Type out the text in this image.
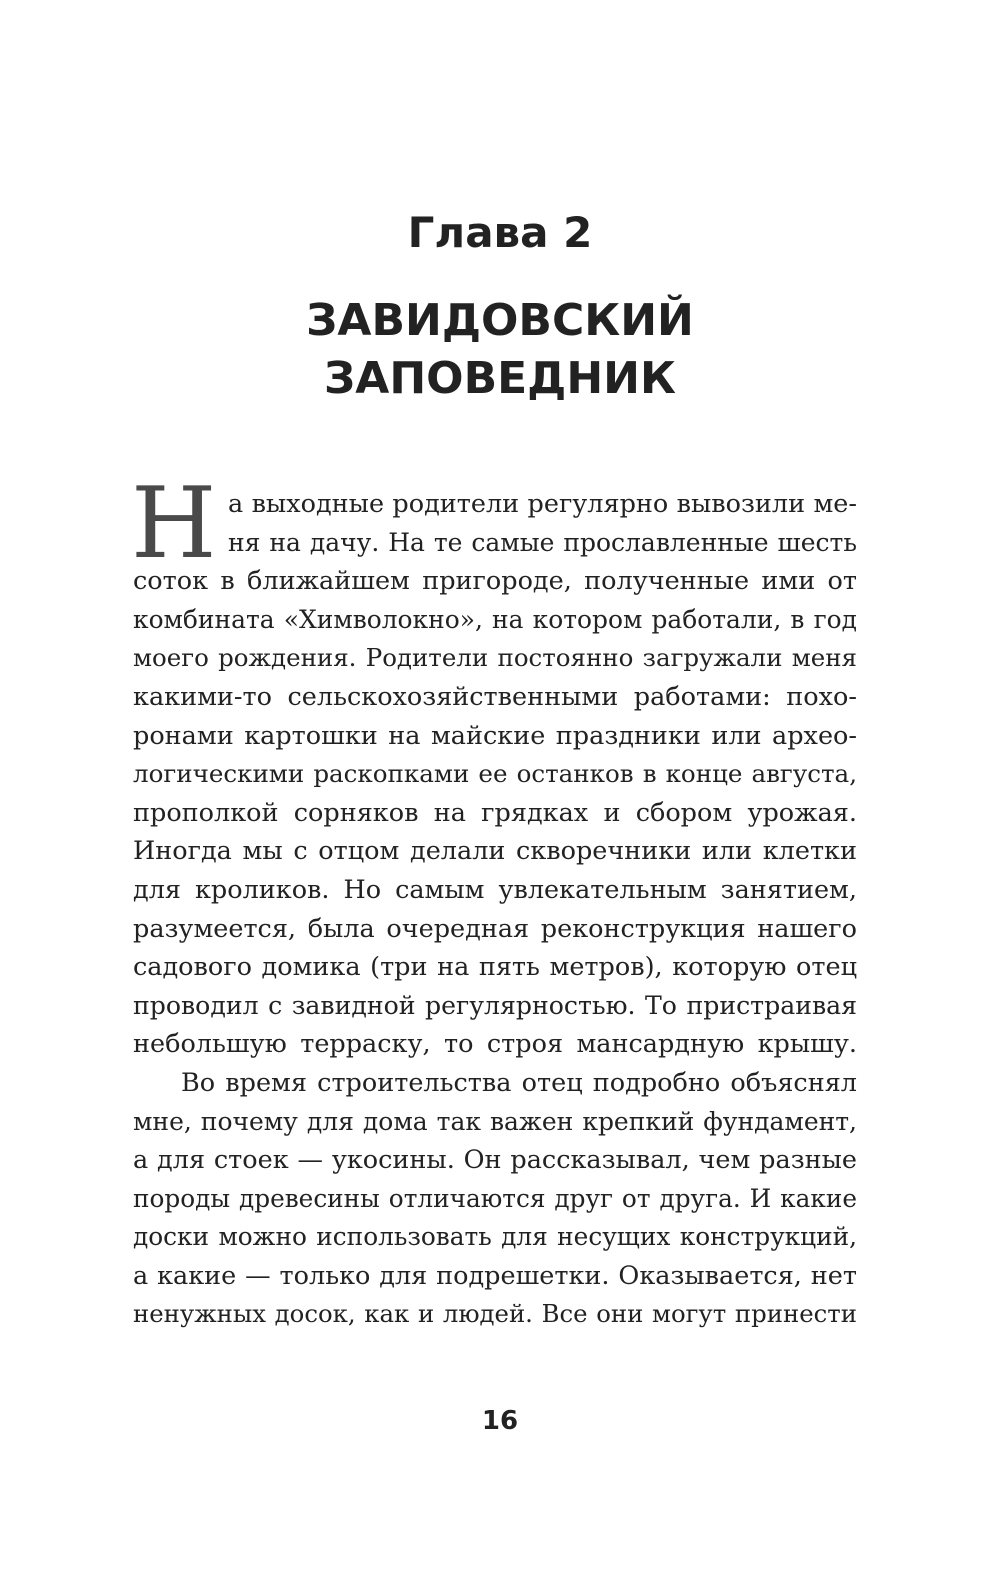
Глава 2
ЗАВИДОВСКИЙ
ЗАПОВЕДНИК
Н а выходные родители регулярно вывозили ме-
ня на дачу. На те самые прославленные шесть
соток в ближайшем пригороде, полученные ими от
комбината «Химволокно», на котором работали, в год
моего рождения. Родители постоянно загружали меня
какими-то сельскохозяйственными работами: похо-
ронами картошки на майские праздники или архео-
логическими раскопками ее останков в конце августа,
прополкой сорняков на грядках и сбором урожая.
Иногда мы с отцом делали скворечники или клетки
для кроликов. Но самым увлекательным занятием,
разумеется, была очередная реконструкция нашего
садового домика (три на пять метров), которую отец
проводил с завидной регулярностью. То пристраивая
небольшую терраску, то строя мансардную крышу.
Во время строительства отец подробно объяснял
мне, почему для дома так важен крепкий фундамент,
а для стоек — укосины. Он рассказывал, чем разные
породы древесины отличаются друг от друга. И какие
доски можно использовать для несущих конструкций,
а какие — только для подрешетки. Оказывается, нет
ненужных досок, как и людей. Все они могут принести
16
